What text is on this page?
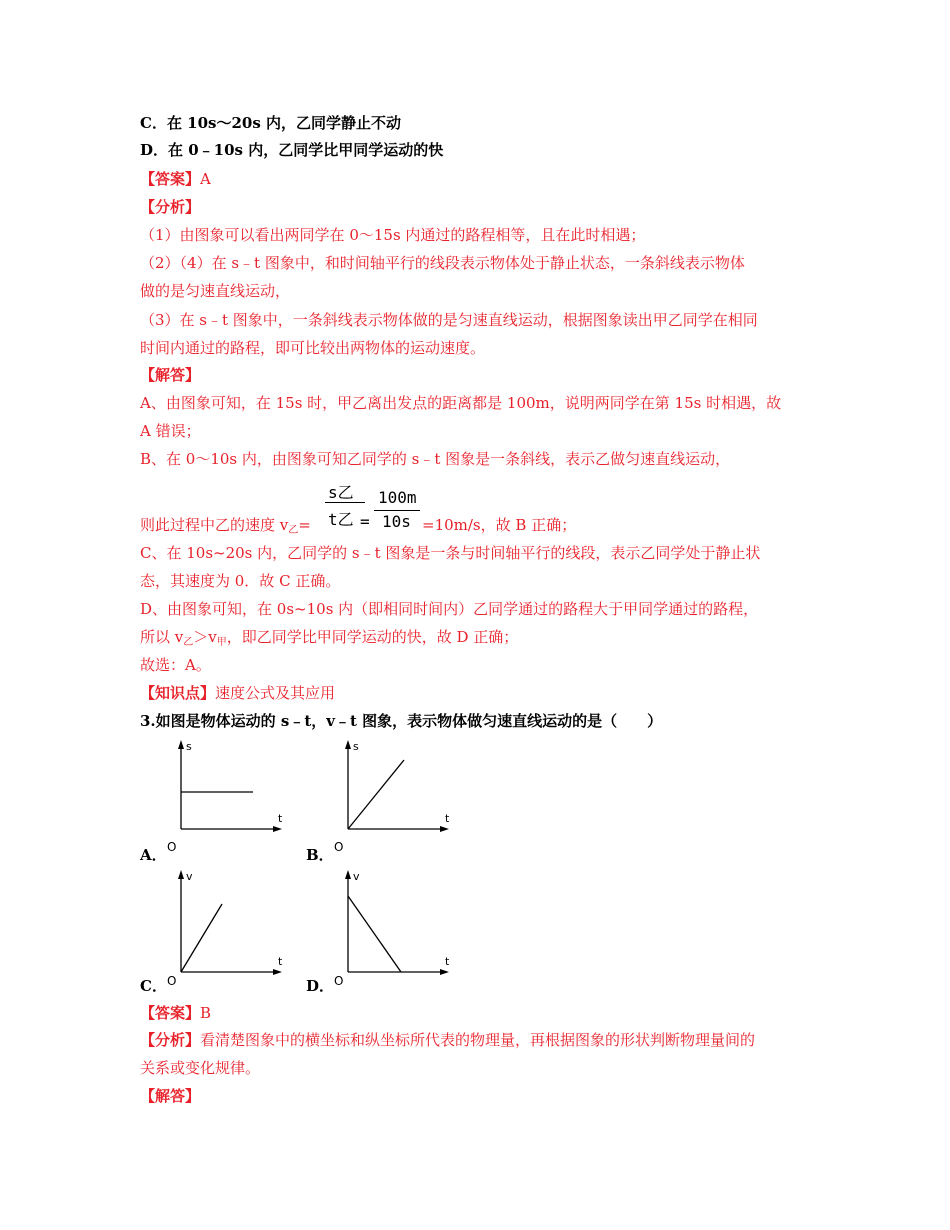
C．在 10s～20s 内，乙同学静止不动
D．在 0﹣10s 内，乙同学比甲同学运动的快
【答案】A
【分析】
（1）由图象可以看出两同学在 0～15s 内通过的路程相等，且在此时相遇；
（2）（4）在 s﹣t 图象中，和时间轴平行的线段表示物体处于静止状态，一条斜线表示物体
做的是匀速直线运动，
（3）在 s﹣t 图象中，一条斜线表示物体做的是匀速直线运动，根据图象读出甲乙同学在相同
时间内通过的路程，即可比较出两物体的运动速度。
【解答】
A、由图象可知，在 15s 时，甲乙离出发点的距离都是 100m，说明两同学在第 15s 时相遇，故
A 错误；
B、在 0～10s 内，由图象可知乙同学的 s﹣t 图象是一条斜线，表示乙做匀速直线运动，
则此过程中乙的速度 $v_乙=$
s乙
t乙 =
100m
10s =10m/s，故 B 正确；
C、在 10s~20s 内，乙同学的 s﹣t 图象是一条与时间轴平行的线段，表示乙同学处于静止状
态，其速度为 0．故 C 正确。
D、由图象可知，在 0s~10s 内（即相同时间内）乙同学通过的路程大于甲同学通过的路程，
所以 $v_乙>v_甲$，即乙同学比甲同学运动的快，故 D 正确；
故选：A。
【知识点】速度公式及其应用
3.如图是物体运动的 s﹣t，v﹣t 图象，表示物体做匀速直线运动的是（　　）
A．
s
t
O	B．
s
t
O
C．
v
t
O	D．
v
t
O
【答案】B
【分析】看清楚图象中的横坐标和纵坐标所代表的物理量，再根据图象的形状判断物理量间的
关系或变化规律。
【解答】
